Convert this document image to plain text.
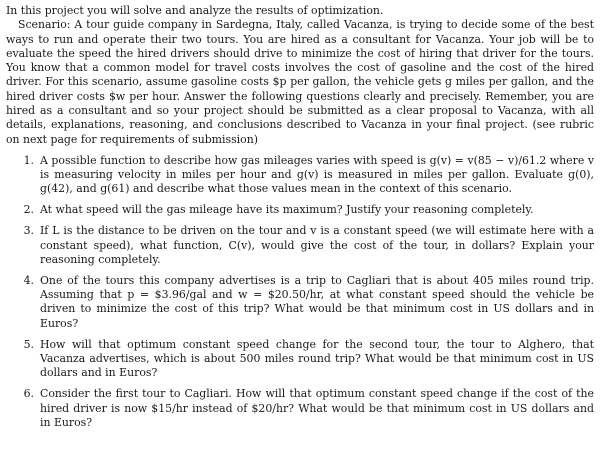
In this project you will solve and analyze the results of optimization.
Scenario: A tour guide company in Sardegna, Italy, called Vacanza, is trying to decide some of the best ways to run and operate their two tours. You are hired as a consultant for Vacanza. Your job will be to evaluate the speed the hired drivers should drive to minimize the cost of hiring that driver for the tours. You know that a common model for travel costs involves the cost of gasoline and the cost of the hired driver. For this scenario, assume gasoline costs $p per gallon, the vehicle gets g miles per gallon, and the hired driver costs $w per hour. Answer the following questions clearly and precisely. Remember, you are hired as a consultant and so your project should be submitted as a clear proposal to Vacanza, with all details, explanations, reasoning, and conclusions described to Vacanza in your final project. (see rubric on next page for requirements of submission)

1. A possible function to describe how gas mileages varies with speed is g(v) = v(85 − v)/61.2 where v is measuring velocity in miles per hour and g(v) is measured in miles per gallon. Evaluate g(0), g(42), and g(61) and describe what those values mean in the context of this scenario.
2. At what speed will the gas mileage have its maximum? Justify your reasoning completely.
3. If L is the distance to be driven on the tour and v is a constant speed (we will estimate here with a constant speed), what function, C(v), would give the cost of the tour, in dollars? Explain your reasoning completely.
4. One of the tours this company advertises is a trip to Cagliari that is about 405 miles round trip. Assuming that p = $3.96/gal and w = $20.50/hr, at what constant speed should the vehicle be driven to minimize the cost of this trip? What would be that minimum cost in US dollars and in Euros?
5. How will that optimum constant speed change for the second tour, the tour to Alghero, that Vacanza advertises, which is about 500 miles round trip? What would be that minimum cost in US dollars and in Euros?
6. Consider the first tour to Cagliari. How will that optimum constant speed change if the cost of the hired driver is now $15/hr instead of $20/hr? What would be that minimum cost in US dollars and in Euros?
